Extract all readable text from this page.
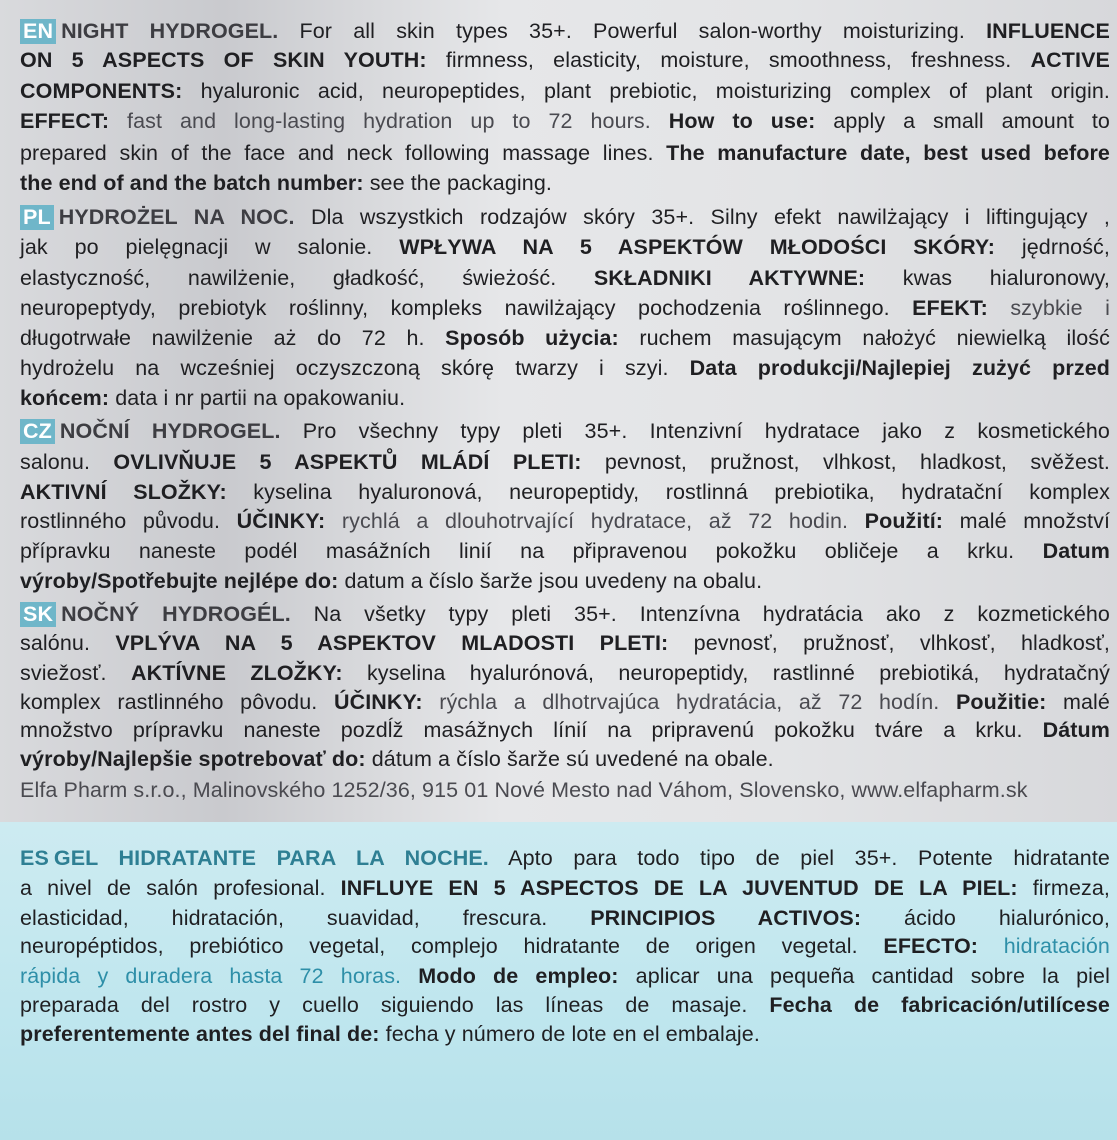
EN NIGHT HYDROGEL. For all skin types 35+. Powerful salon-worthy moisturizing. INFLUENCE
ON 5 ASPECTS OF SKIN YOUTH: firmness, elasticity, moisture, smoothness, freshness. ACTIVE
COMPONENTS: hyaluronic acid, neuropeptides, plant prebiotic, moisturizing complex of plant origin.
EFFECT: fast and long-lasting hydration up to 72 hours. How to use: apply a small amount to
prepared skin of the face and neck following massage lines. The manufacture date, best used before
the end of and the batch number: see the packaging.
PL HYDROŻEL NA NOC. Dla wszystkich rodzajów skóry 35+. Silny efekt nawilżający i liftingujący ,
jak po pielęgnacji w salonie. WPŁYWA NA 5 ASPEKTÓW MŁODOŚCI SKÓRY: jędrność,
elastyczność, nawilżenie, gładkość, świeżość. SKŁADNIKI AKTYWNE: kwas hialuronowy,
neuropeptydy, prebiotyk roślinny, kompleks nawilżający pochodzenia roślinnego. EFEKT: szybkie i
długotrwałe nawilżenie aż do 72 h. Sposób użycia: ruchem masującym nałożyć niewielką ilość
hydrożelu na wcześniej oczyszczoną skórę twarzy i szyi. Data produkcji/Najlepiej zużyć przed
końcem: data i nr partii na opakowaniu.
CZ NOČNÍ HYDROGEL. Pro všechny typy pleti 35+. Intenzivní hydratace jako z kosmetického
salonu. OVLIVŇUJE 5 ASPEKTŮ MLÁDÍ PLETI: pevnost, pružnost, vlhkost, hladkost, svěžest.
AKTIVNÍ SLOŽKY: kyselina hyaluronová, neuropeptidy, rostlinná prebiotika, hydratační komplex
rostlinného původu. ÚČINKY: rychlá a dlouhotrvající hydratace, až 72 hodin. Použití: malé množství
přípravku naneste podél masážních linií na připravenou pokožku obličeje a krku. Datum
výroby/Spotřebujte nejlépe do: datum a číslo šarže jsou uvedeny na obalu.
SK NOČNÝ HYDROGÉL. Na všetky typy pleti 35+. Intenzívna hydratácia ako z kozmetického
salónu. VPLÝVA NA 5 ASPEKTOV MLADOSTI PLETI: pevnosť, pružnosť, vlhkosť, hladkosť,
sviežosť. AKTÍVNE ZLOŽKY: kyselina hyalurónová, neuropeptidy, rastlinné prebiotiká, hydratačný
komplex rastlinného pôvodu. ÚČINKY: rýchla a dlhotrvajúca hydratácia, až 72 hodín. Použitie: malé
množstvo prípravku naneste pozdĺž masážnych línií na pripravenú pokožku tváre a krku. Dátum
výroby/Najlepšie spotrebovať do: dátum a číslo šarže sú uvedené na obale.
Elfa Pharm s.r.o., Malinovského 1252/36, 915 01 Nové Mesto nad Váhom, Slovensko, www.elfapharm.sk
ES GEL HIDRATANTE PARA LA NOCHE. Apto para todo tipo de piel 35+. Potente hidratante
a nivel de salón profesional. INFLUYE EN 5 ASPECTOS DE LA JUVENTUD DE LA PIEL: firmeza,
elasticidad, hidratación, suavidad, frescura. PRINCIPIOS ACTIVOS: ácido hialurónico,
neuropéptidos, prebiótico vegetal, complejo hidratante de origen vegetal. EFECTO: hidratación
rápida y duradera hasta 72 horas. Modo de empleo: aplicar una pequeña cantidad sobre la piel
preparada del rostro y cuello siguiendo las líneas de masaje. Fecha de fabricación/utilícese
preferentemente antes del final de: fecha y número de lote en el embalaje.
